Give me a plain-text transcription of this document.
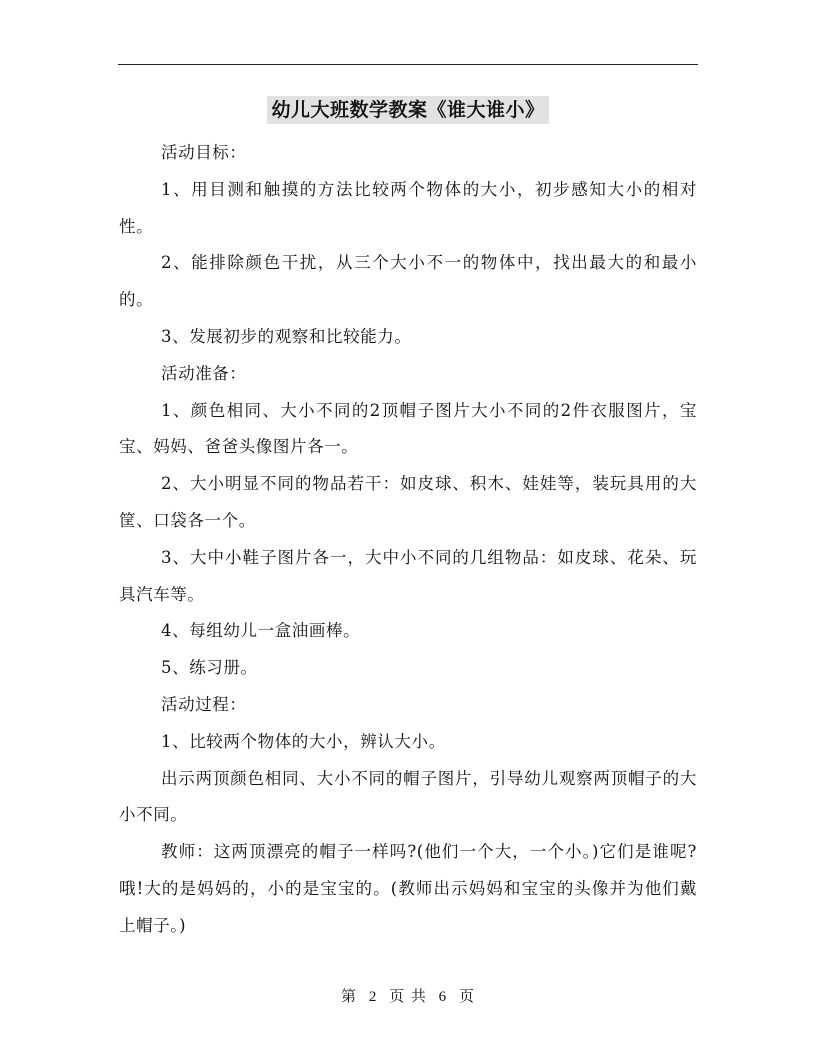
幼儿大班数学教案《谁大谁小》

活动目标：

1、用目测和触摸的方法比较两个物体的大小，初步感知大小的相对性。

2、能排除颜色干扰，从三个大小不一的物体中，找出最大的和最小的。

3、发展初步的观察和比较能力。

活动准备：

1、颜色相同、大小不同的2顶帽子图片大小不同的2件衣服图片，宝宝、妈妈、爸爸头像图片各一。

2、大小明显不同的物品若干：如皮球、积木、娃娃等，装玩具用的大筐、口袋各一个。

3、大中小鞋子图片各一，大中小不同的几组物品：如皮球、花朵、玩具汽车等。

4、每组幼儿一盒油画棒。

5、练习册。

活动过程：

1、比较两个物体的大小，辨认大小。

出示两顶颜色相同、大小不同的帽子图片，引导幼儿观察两顶帽子的大小不同。

教师：这两顶漂亮的帽子一样吗?(他们一个大，一个小。)它们是谁呢?哦!大的是妈妈的，小的是宝宝的。(教师出示妈妈和宝宝的头像并为他们戴上帽子。)

第 2 页 共 6 页
